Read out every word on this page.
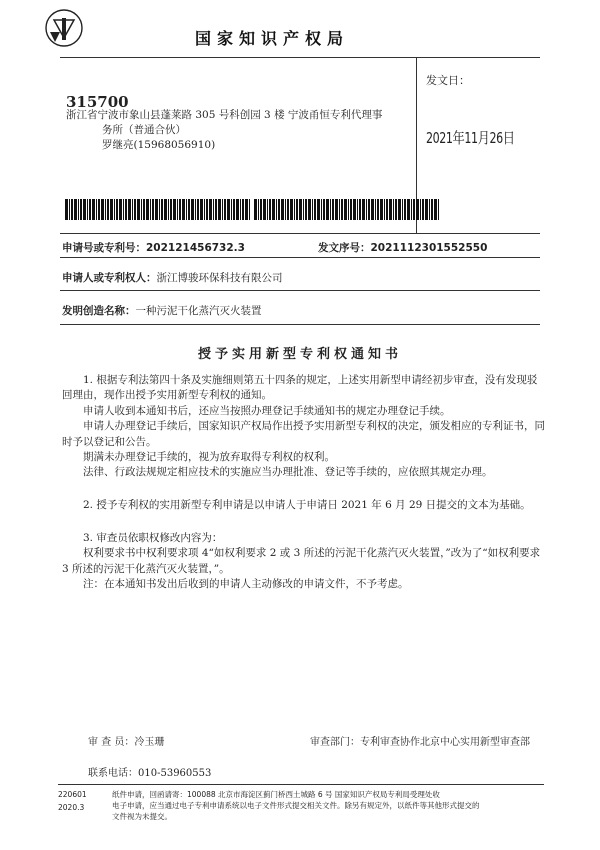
国家知识产权局
315700
浙江省宁波市象山县蓬莱路 305 号科创园 3 楼 宁波甬恒专利代理事
务所（普通合伙）
罗继亮(15968056910)
发文日：
2021年11月26日
申请号或专利号：202121456732.3	发文序号：2021112301552550
申请人或专利权人：浙江博骏环保科技有限公司
发明创造名称：一种污泥干化蒸汽灭火装置
授予实用新型专利权通知书

1. 根据专利法第四十条及实施细则第五十四条的规定，上述实用新型申请经初步审查，没有发现驳回理由，现作出授予实用新型专利权的通知。

申请人收到本通知书后，还应当按照办理登记手续通知书的规定办理登记手续。

申请人办理登记手续后，国家知识产权局作出授予实用新型专利权的决定，颁发相应的专利证书，同时予以登记和公告。

期满未办理登记手续的，视为放弃取得专利权的权利。

法律、行政法规规定相应技术的实施应当办理批准、登记等手续的，应依照其规定办理。

2. 授予专利权的实用新型专利申请是以申请人于申请日 2021 年 6 月 29 日提交的文本为基础。

3. 审查员依职权修改内容为：

权利要求书中权利要求项 4“如权利要求 2 或 3 所述的污泥干化蒸汽灭火装置，”改为了“如权利要求 3 所述的污泥干化蒸汽灭火装置，”。

注：在本通知书发出后收到的申请人主动修改的申请文件，不予考虑。

审 查 员：冷玉珊	审查部门：专利审查协作北京中心实用新型审查部
联系电话：010-53960553
220601
2020.3
纸件申请，回函请寄：100088 北京市海淀区蓟门桥西土城路 6 号 国家知识产权局专利局受理处收
电子申请，应当通过电子专利申请系统以电子文件形式提交相关文件。除另有规定外，以纸件等其他形式提交的
文件视为未提交。
